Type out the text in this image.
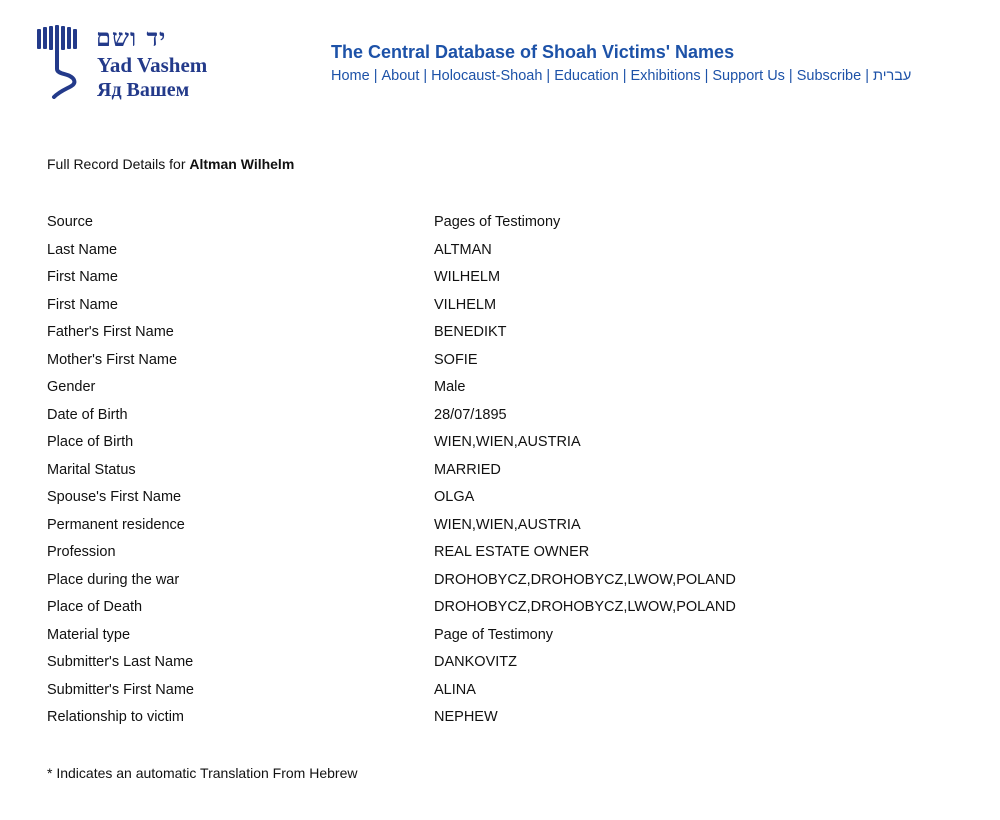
יד ושם
Yad Vashem
Яд Вашем
The Central Database of Shoah Victims' Names
Home | About | Holocaust-Shoah | Education | Exhibitions | Support Us | Subscribe | עברית
Full Record Details for Altman Wilhelm
Source	Pages of Testimony
Last Name	ALTMAN
First Name	WILHELM
First Name	VILHELM
Father's First Name	BENEDIKT
Mother's First Name	SOFIE
Gender	Male
Date of Birth	28/07/1895
Place of Birth	WIEN,WIEN,AUSTRIA
Marital Status	MARRIED
Spouse's First Name	OLGA
Permanent residence	WIEN,WIEN,AUSTRIA
Profession	REAL ESTATE OWNER
Place during the war	DROHOBYCZ,DROHOBYCZ,LWOW,POLAND
Place of Death	DROHOBYCZ,DROHOBYCZ,LWOW,POLAND
Material type	Page of Testimony
Submitter's Last Name	DANKOVITZ
Submitter's First Name	ALINA
Relationship to victim	NEPHEW
* Indicates an automatic Translation From Hebrew
